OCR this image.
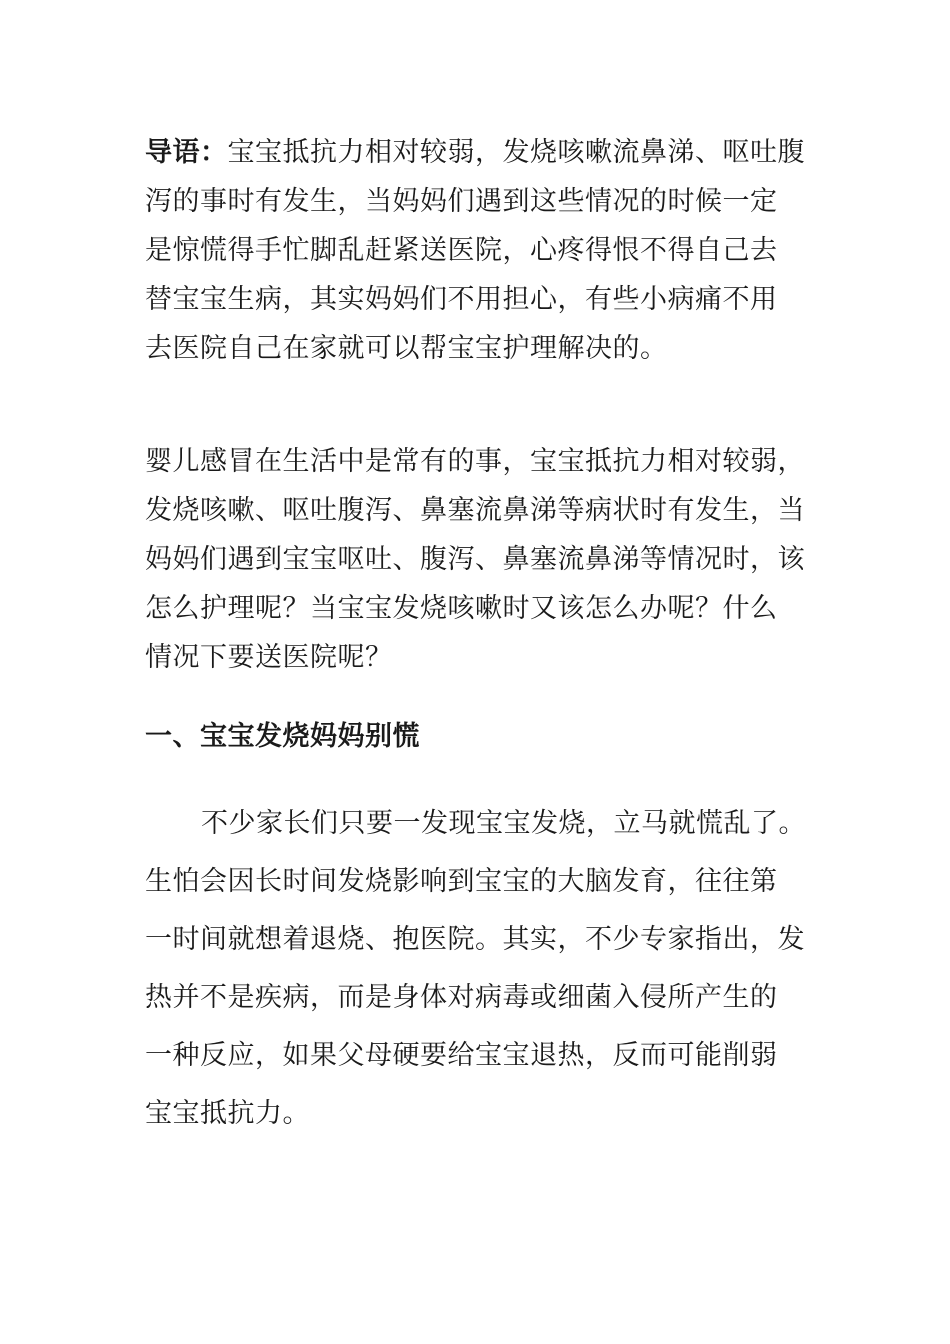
导语：宝宝抵抗力相对较弱，发烧咳嗽流鼻涕、呕吐腹
泻的事时有发生，当妈妈们遇到这些情况的时候一定
是惊慌得手忙脚乱赶紧送医院，心疼得恨不得自己去
替宝宝生病，其实妈妈们不用担心，有些小病痛不用
去医院自己在家就可以帮宝宝护理解决的。

婴儿感冒在生活中是常有的事，宝宝抵抗力相对较弱，
发烧咳嗽、呕吐腹泻、鼻塞流鼻涕等病状时有发生，当
妈妈们遇到宝宝呕吐、腹泻、鼻塞流鼻涕等情况时，该
怎么护理呢？当宝宝发烧咳嗽时又该怎么办呢？什么
情况下要送医院呢？

一、宝宝发烧妈妈别慌

不少家长们只要一发现宝宝发烧，立马就慌乱了。
生怕会因长时间发烧影响到宝宝的大脑发育，往往第
一时间就想着退烧、抱医院。其实，不少专家指出，发
热并不是疾病，而是身体对病毒或细菌入侵所产生的
一种反应，如果父母硬要给宝宝退热，反而可能削弱
宝宝抵抗力。
